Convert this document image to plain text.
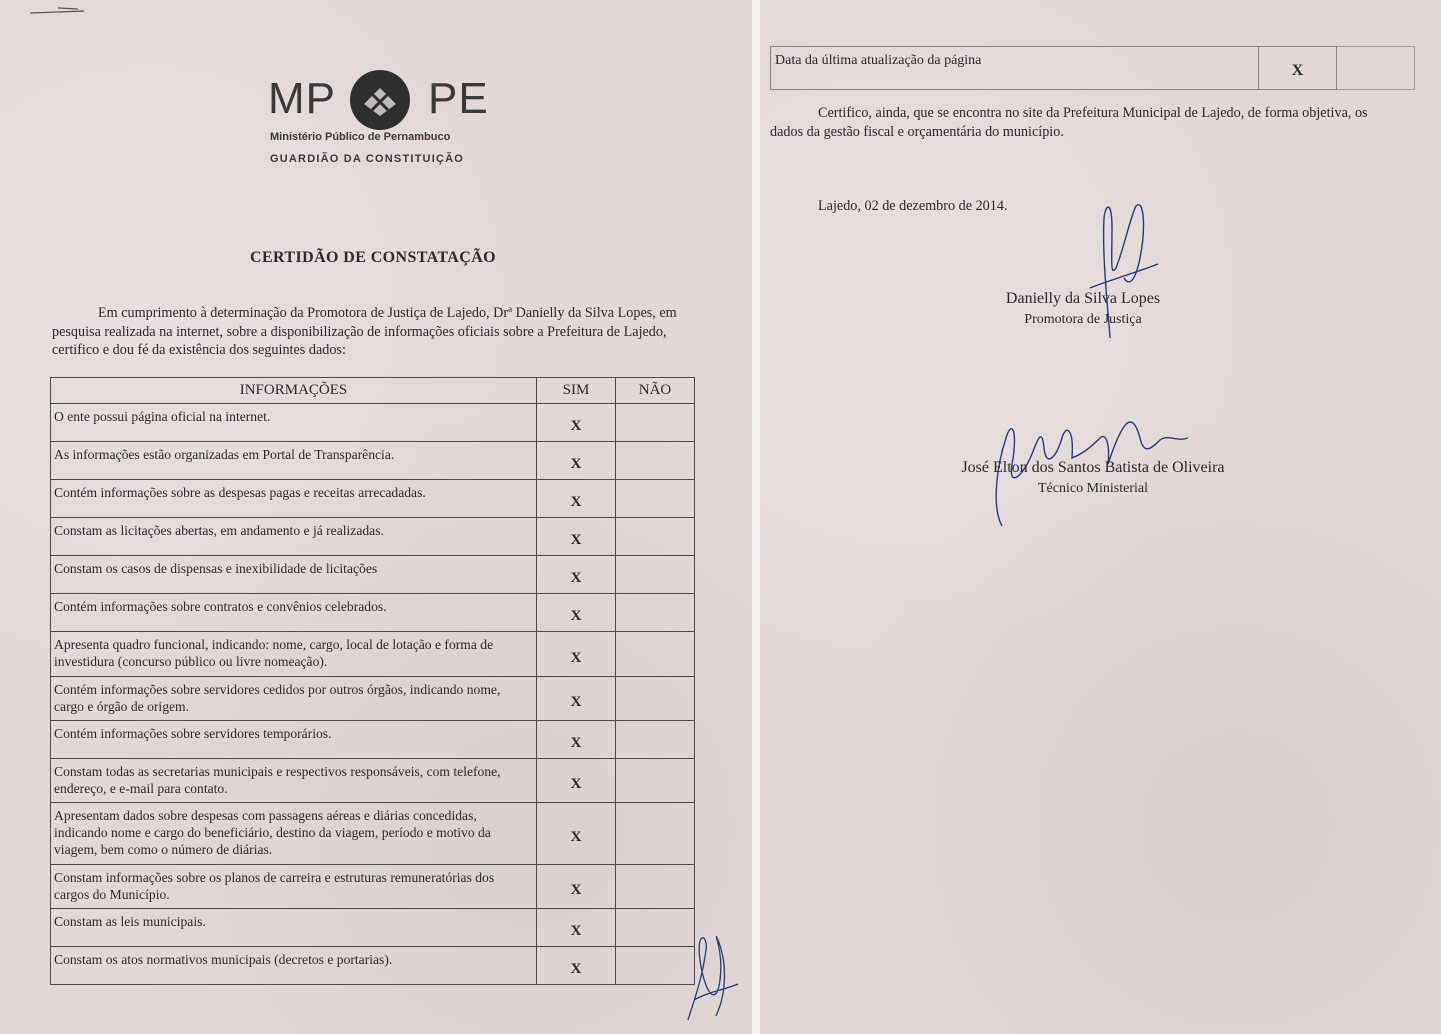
MP PE
Ministério Público de Pernambuco
GUARDIÃO DA CONSTITUIÇÃO
CERTIDÃO DE CONSTATAÇÃO
Em cumprimento à determinação da Promotora de Justiça de Lajedo, Drª Danielly da Silva Lopes, em pesquisa realizada na internet, sobre a disponibilização de informações oficiais sobre a Prefeitura de Lajedo, certifico e dou fé da existência dos seguintes dados:
INFORMAÇÕES	SIM	NÃO
O ente possui página oficial na internet.	X	
As informações estão organizadas em Portal de Transparência.	X	
Contém informações sobre as despesas pagas e receitas arrecadadas.	X	
Constam as licitações abertas, em andamento e já realizadas.	X	
Constam os casos de dispensas e inexibilidade de licitações	X	
Contém informações sobre contratos e convênios celebrados.	X	
Apresenta quadro funcional, indicando: nome, cargo, local de lotação e forma de investidura (concurso público ou livre nomeação).	X	
Contém informações sobre servidores cedidos por outros órgãos, indicando nome, cargo e órgão de origem.	X	
Contém informações sobre servidores temporários.	X	
Constam todas as secretarias municipais e respectivos responsáveis, com telefone, endereço, e e-mail para contato.	X	
Apresentam dados sobre despesas com passagens aéreas e diárias concedidas, indicando nome e cargo do beneficiário, destino da viagem, período e motivo da viagem, bem como o número de diárias.	X	
Constam informações sobre os planos de carreira e estruturas remuneratórias dos cargos do Município.	X	
Constam as leis municipais.	X	
Constam os atos normativos municipais (decretos e portarias).	X	
Data da última atualização da página	X	
Certifico, ainda, que se encontra no site da Prefeitura Municipal de Lajedo, de forma objetiva, os dados da gestão fiscal e orçamentária do município.
Lajedo, 02 de dezembro de 2014.
Danielly da Silva Lopes
Promotora de Justiça
José Elton dos Santos Batista de Oliveira
Técnico Ministerial
